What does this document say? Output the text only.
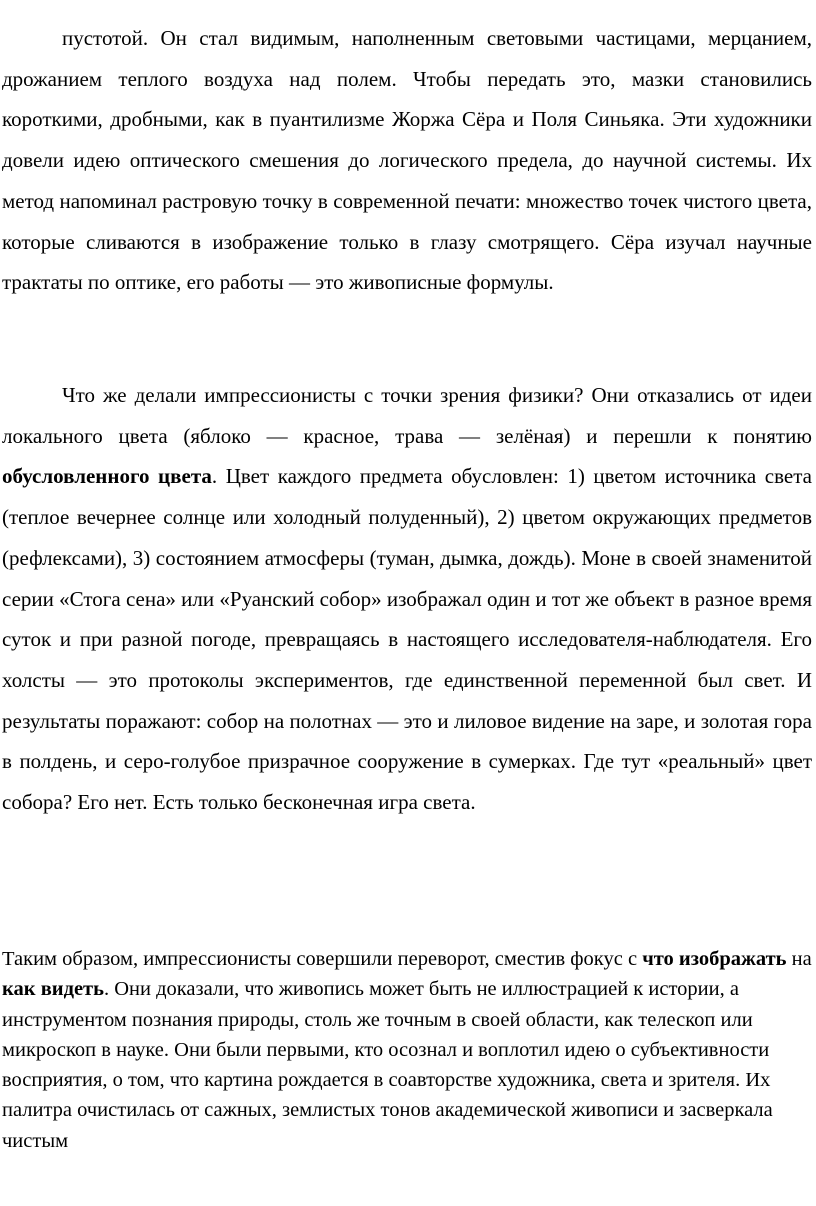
пустотой. Он стал видимым, наполненным световыми частицами, мерцанием, дрожанием теплого воздуха над полем. Чтобы передать это, мазки становились короткими, дробными, как в пуантилизме Жоржа Сёра и Поля Синьяка. Эти художники довели идею оптического смешения до логического предела, до научной системы. Их метод напоминал растровую точку в современной печати: множество точек чистого цвета, которые сливаются в изображение только в глазу смотрящего. Сёра изучал научные трактаты по оптике, его работы — это живописные формулы.

Что же делали импрессионисты с точки зрения физики? Они отказались от идеи локального цвета (яблоко — красное, трава — зелёная) и перешли к понятию обусловленного цвета. Цвет каждого предмета обусловлен: 1) цветом источника света (теплое вечернее солнце или холодный полуденный), 2) цветом окружающих предметов (рефлексами), 3) состоянием атмосферы (туман, дымка, дождь). Моне в своей знаменитой серии «Стога сена» или «Руанский собор» изображал один и тот же объект в разное время суток и при разной погоде, превращаясь в настоящего исследователя-наблюдателя. Его холсты — это протоколы экспериментов, где единственной переменной был свет. И результаты поражают: собор на полотнах — это и лиловое видение на заре, и золотая гора в полдень, и серо-голубое призрачное сооружение в сумерках. Где тут «реальный» цвет собора? Его нет. Есть только бесконечная игра света.

Таким образом, импрессионисты совершили переворот, сместив фокус с что изображать на как видеть. Они доказали, что живопись может быть не иллюстрацией к истории, а инструментом познания природы, столь же точным в своей области, как телескоп или микроскоп в науке. Они были первыми, кто осознал и воплотил идею о субъективности восприятия, о том, что картина рождается в соавторстве художника, света и зрителя. Их палитра очистилась от сажных, землистых тонов академической живописи и засверкала чистым
